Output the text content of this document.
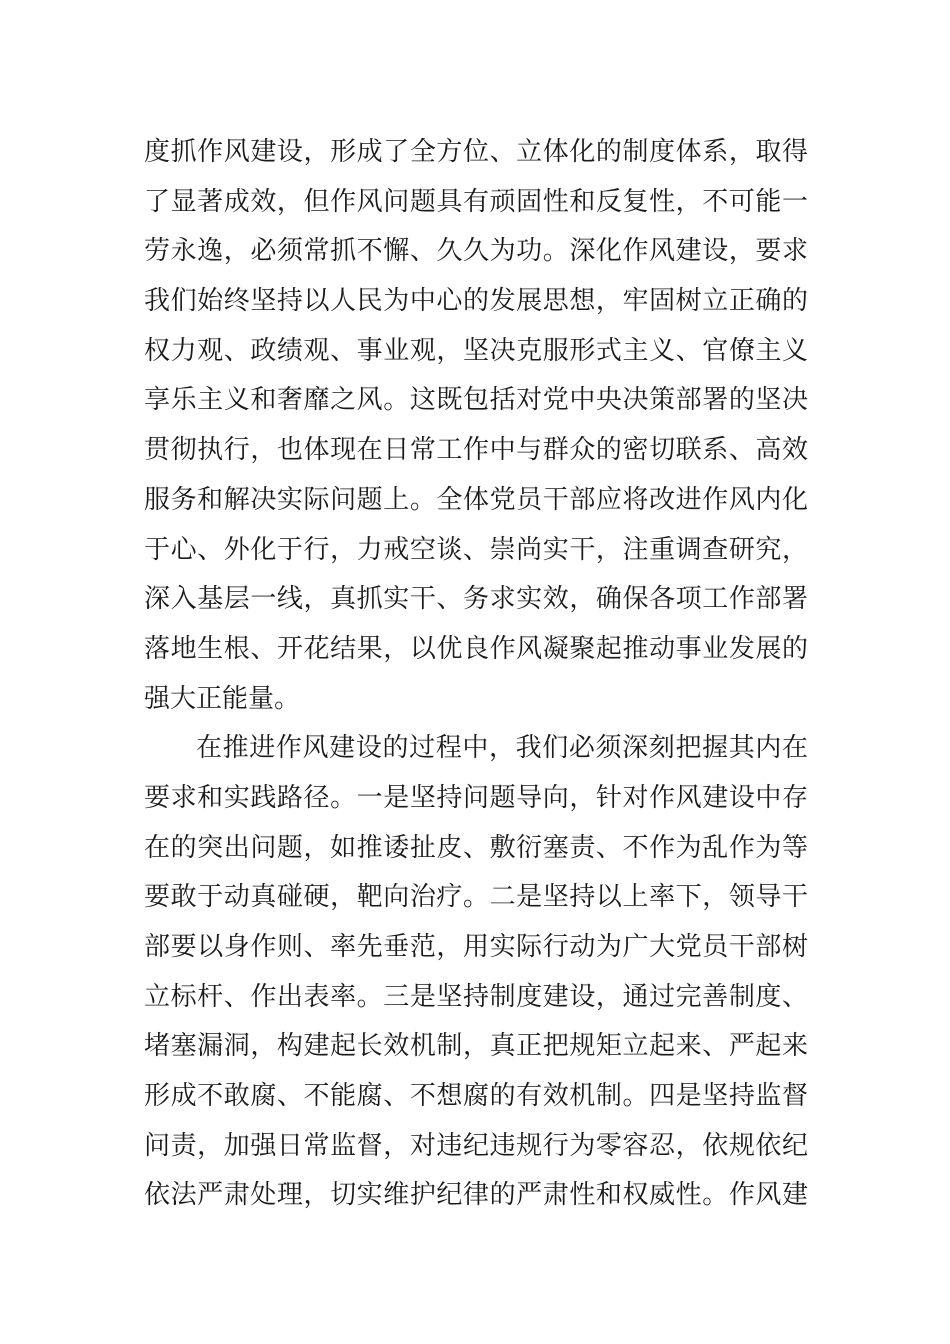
度抓作风建设，形成了全方位、立体化的制度体系，取得
了显著成效，但作风问题具有顽固性和反复性，不可能一
劳永逸，必须常抓不懈、久久为功。深化作风建设，要求
我们始终坚持以人民为中心的发展思想，牢固树立正确的
权力观、政绩观、事业观，坚决克服形式主义、官僚主义
享乐主义和奢靡之风。这既包括对党中央决策部署的坚决
贯彻执行，也体现在日常工作中与群众的密切联系、高效
服务和解决实际问题上。全体党员干部应将改进作风内化
于心、外化于行，力戒空谈、崇尚实干，注重调查研究，
深入基层一线，真抓实干、务求实效，确保各项工作部署
落地生根、开花结果，以优良作风凝聚起推动事业发展的
强大正能量。
在推进作风建设的过程中，我们必须深刻把握其内在
要求和实践路径。一是坚持问题导向，针对作风建设中存
在的突出问题，如推诿扯皮、敷衍塞责、不作为乱作为等
要敢于动真碰硬，靶向治疗。二是坚持以上率下，领导干
部要以身作则、率先垂范，用实际行动为广大党员干部树
立标杆、作出表率。三是坚持制度建设，通过完善制度、
堵塞漏洞，构建起长效机制，真正把规矩立起来、严起来
形成不敢腐、不能腐、不想腐的有效机制。四是坚持监督
问责，加强日常监督，对违纪违规行为零容忍，依规依纪
依法严肃处理，切实维护纪律的严肃性和权威性。作风建
